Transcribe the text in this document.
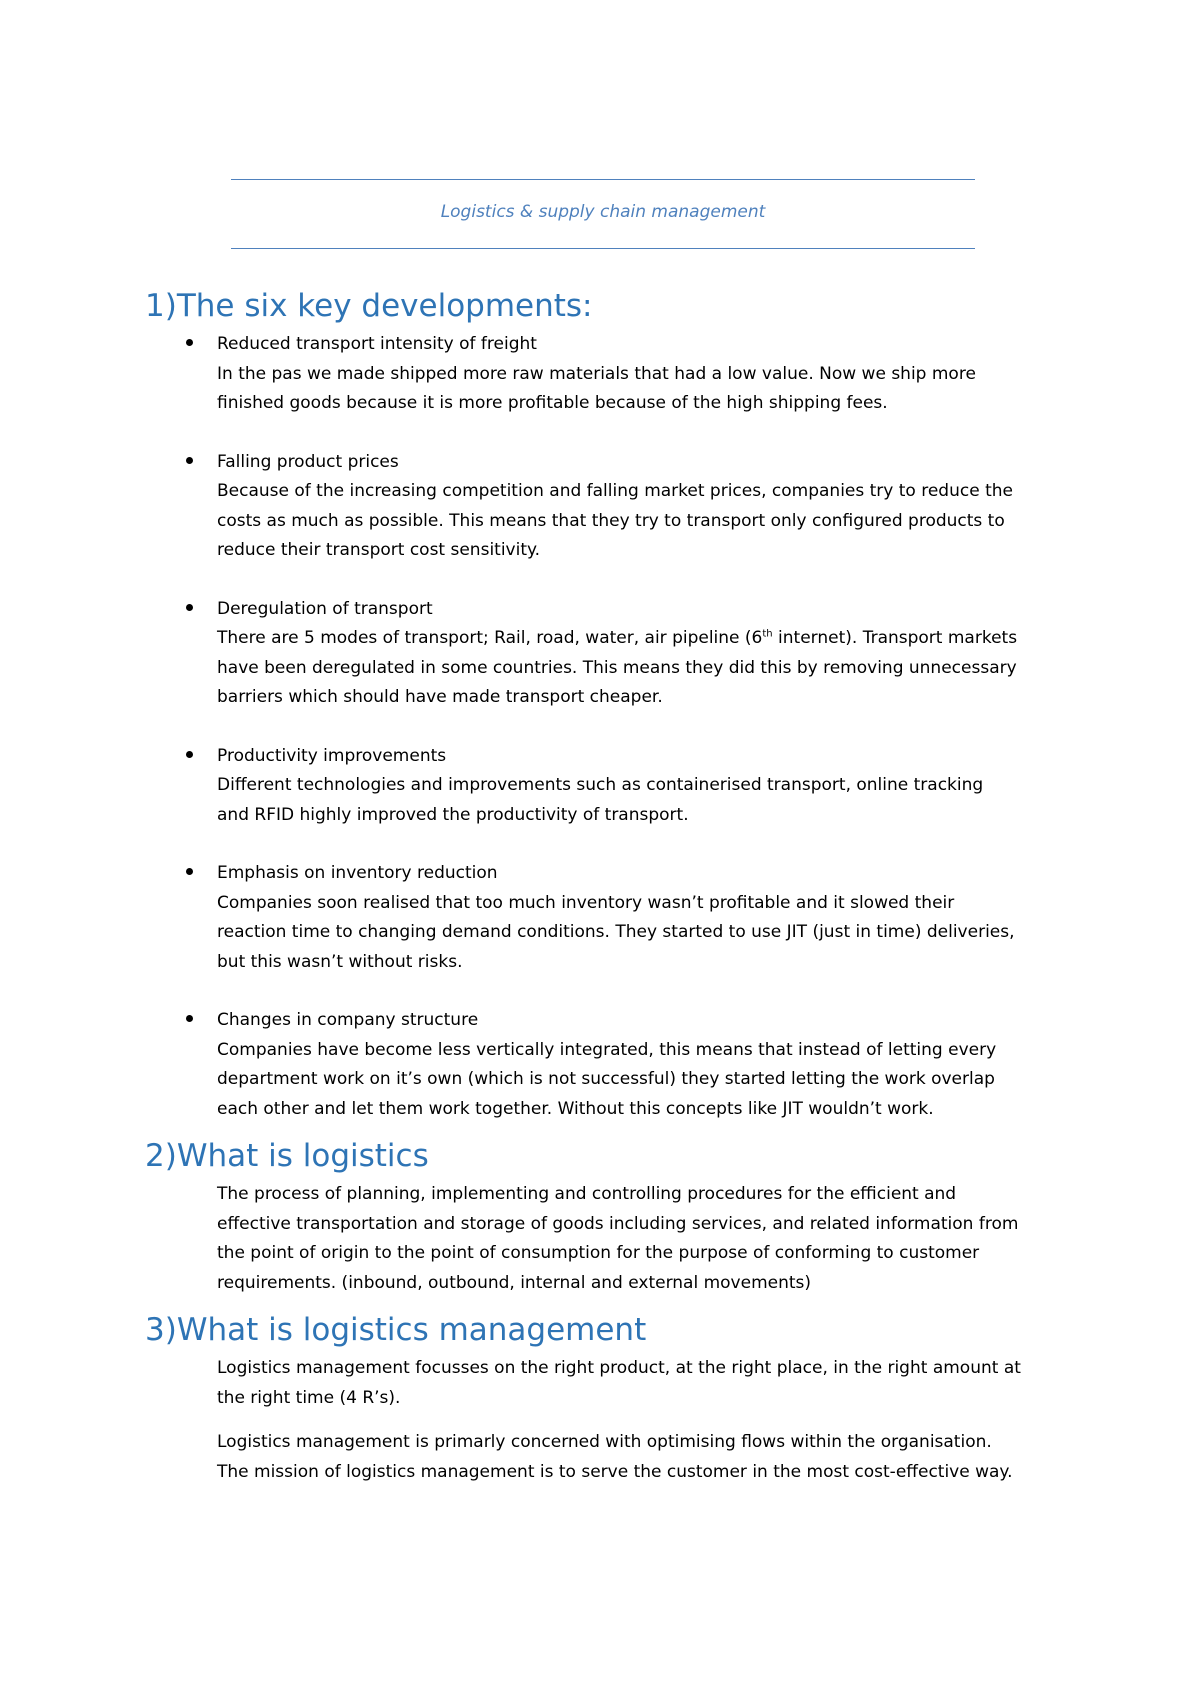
Logistics & supply chain management
1)The six key developments:
Reduced transport intensity of freight
In the pas we made shipped more raw materials that had a low value. Now we ship more
finished goods because it is more profitable because of the high shipping fees.
Falling product prices
Because of the increasing competition and falling market prices, companies try to reduce the
costs as much as possible. This means that they try to transport only configured products to
reduce their transport cost sensitivity.
Deregulation of transport
There are 5 modes of transport; Rail, road, water, air pipeline (6th internet). Transport markets
have been deregulated in some countries. This means they did this by removing unnecessary
barriers which should have made transport cheaper.
Productivity improvements
Different technologies and improvements such as containerised transport, online tracking
and RFID highly improved the productivity of transport.
Emphasis on inventory reduction
Companies soon realised that too much inventory wasn’t profitable and it slowed their
reaction time to changing demand conditions. They started to use JIT (just in time) deliveries,
but this wasn’t without risks.
Changes in company structure
Companies have become less vertically integrated, this means that instead of letting every
department work on it’s own (which is not successful) they started letting the work overlap
each other and let them work together. Without this concepts like JIT wouldn’t work.
2)What is logistics
The process of planning, implementing and controlling procedures for the efficient and
effective transportation and storage of goods including services, and related information from
the point of origin to the point of consumption for the purpose of conforming to customer
requirements. (inbound, outbound, internal and external movements)
3)What is logistics management
Logistics management focusses on the right product, at the right place, in the right amount at
the right time (4 R’s).
Logistics management is primarly concerned with optimising flows within the organisation.
The mission of logistics management is to serve the customer in the most cost-effective way.
